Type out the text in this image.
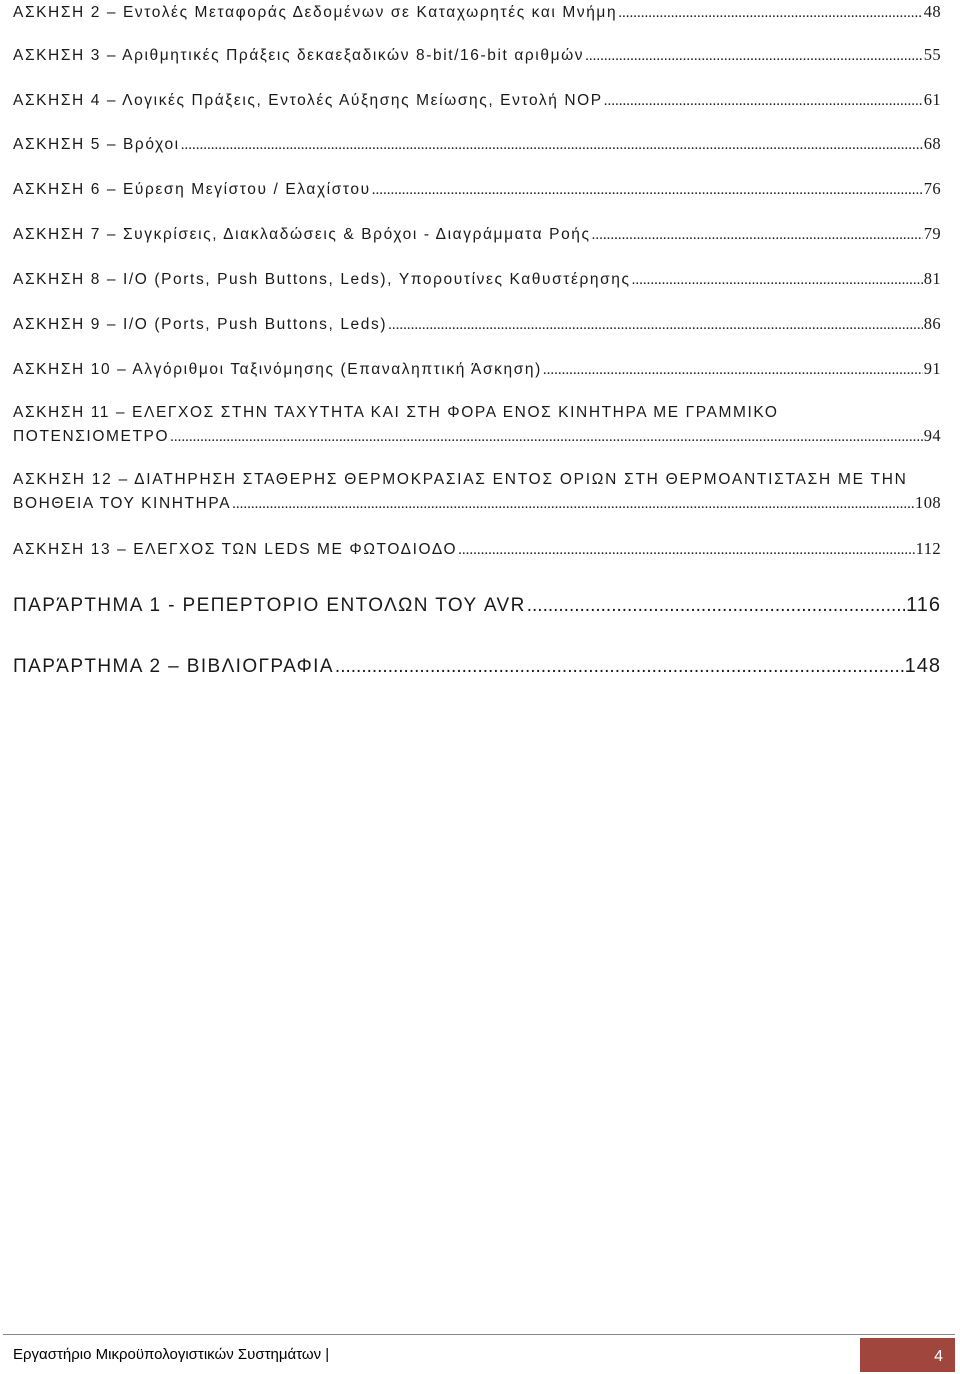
ΑΣΚΗΣΗ 2 – Εντολές Μεταφοράς Δεδομένων σε Καταχωρητές και Μνήμη .....	48
ΑΣΚΗΣΗ 3 – Αριθμητικές Πράξεις δεκαεξαδικών 8-bit/16-bit αριθμών .....	55
ΑΣΚΗΣΗ 4 – Λογικές Πράξεις, Εντολές Αύξησης Μείωσης, Εντολή NOP .....	61
ΑΣΚΗΣΗ 5 – Βρόχοι .....	68
ΑΣΚΗΣΗ 6 – Εύρεση Μεγίστου / Ελαχίστου .....	76
ΑΣΚΗΣΗ 7 – Συγκρίσεις, Διακλαδώσεις & Βρόχοι - Διαγράμματα Ροής .....	79
ΑΣΚΗΣΗ 8 – I/O (Ports, Push Buttons, Leds), Υπορουτίνες Καθυστέρησης .....	81
ΑΣΚΗΣΗ 9 – I/O (Ports, Push Buttons, Leds) .....	86
ΑΣΚΗΣΗ 10 – Αλγόριθμοι Ταξινόμησης (Επαναληπτική Άσκηση) .....	91
ΑΣΚΗΣΗ 11 – ΕΛΕΓΧΟΣ ΣΤΗΝ ΤΑΧΥΤΗΤΑ ΚΑΙ ΣΤΗ ΦΟΡΑ ΕΝΟΣ ΚΙΝΗΤΗΡΑ ΜΕ ΓΡΑΜΜΙΚΟ
ΠΟΤΕΝΣΙΟΜΕΤΡΟ .....	94
ΑΣΚΗΣΗ 12 – ΔΙΑΤΗΡΗΣΗ ΣΤΑΘΕΡΗΣ ΘΕΡΜΟΚΡΑΣΙΑΣ ΕΝΤΟΣ ΟΡΙΩΝ ΣΤΗ ΘΕΡΜΟΑΝΤΙΣΤΑΣΗ ΜΕ ΤΗΝ
ΒΟΗΘΕΙΑ ΤΟΥ ΚΙΝΗΤΗΡΑ .....	108
ΑΣΚΗΣΗ 13 – ΕΛΕΓΧΟΣ ΤΩΝ LEDS ΜΕ ΦΩΤΟΔΙΟΔΟ .....	112
ΠΑΡΆΡΤΗΜΑ 1 - ΡΕΠΕΡΤΟΡΙΟ ΕΝΤΟΛΩΝ ΤΟΥ AVR .....	116
ΠΑΡΆΡΤΗΜΑ 2 – ΒΙΒΛΙΟΓΡΑΦΙΑ .....	148
Εργαστήριο Μικροϋπολογιστικών Συστημάτων |	4
